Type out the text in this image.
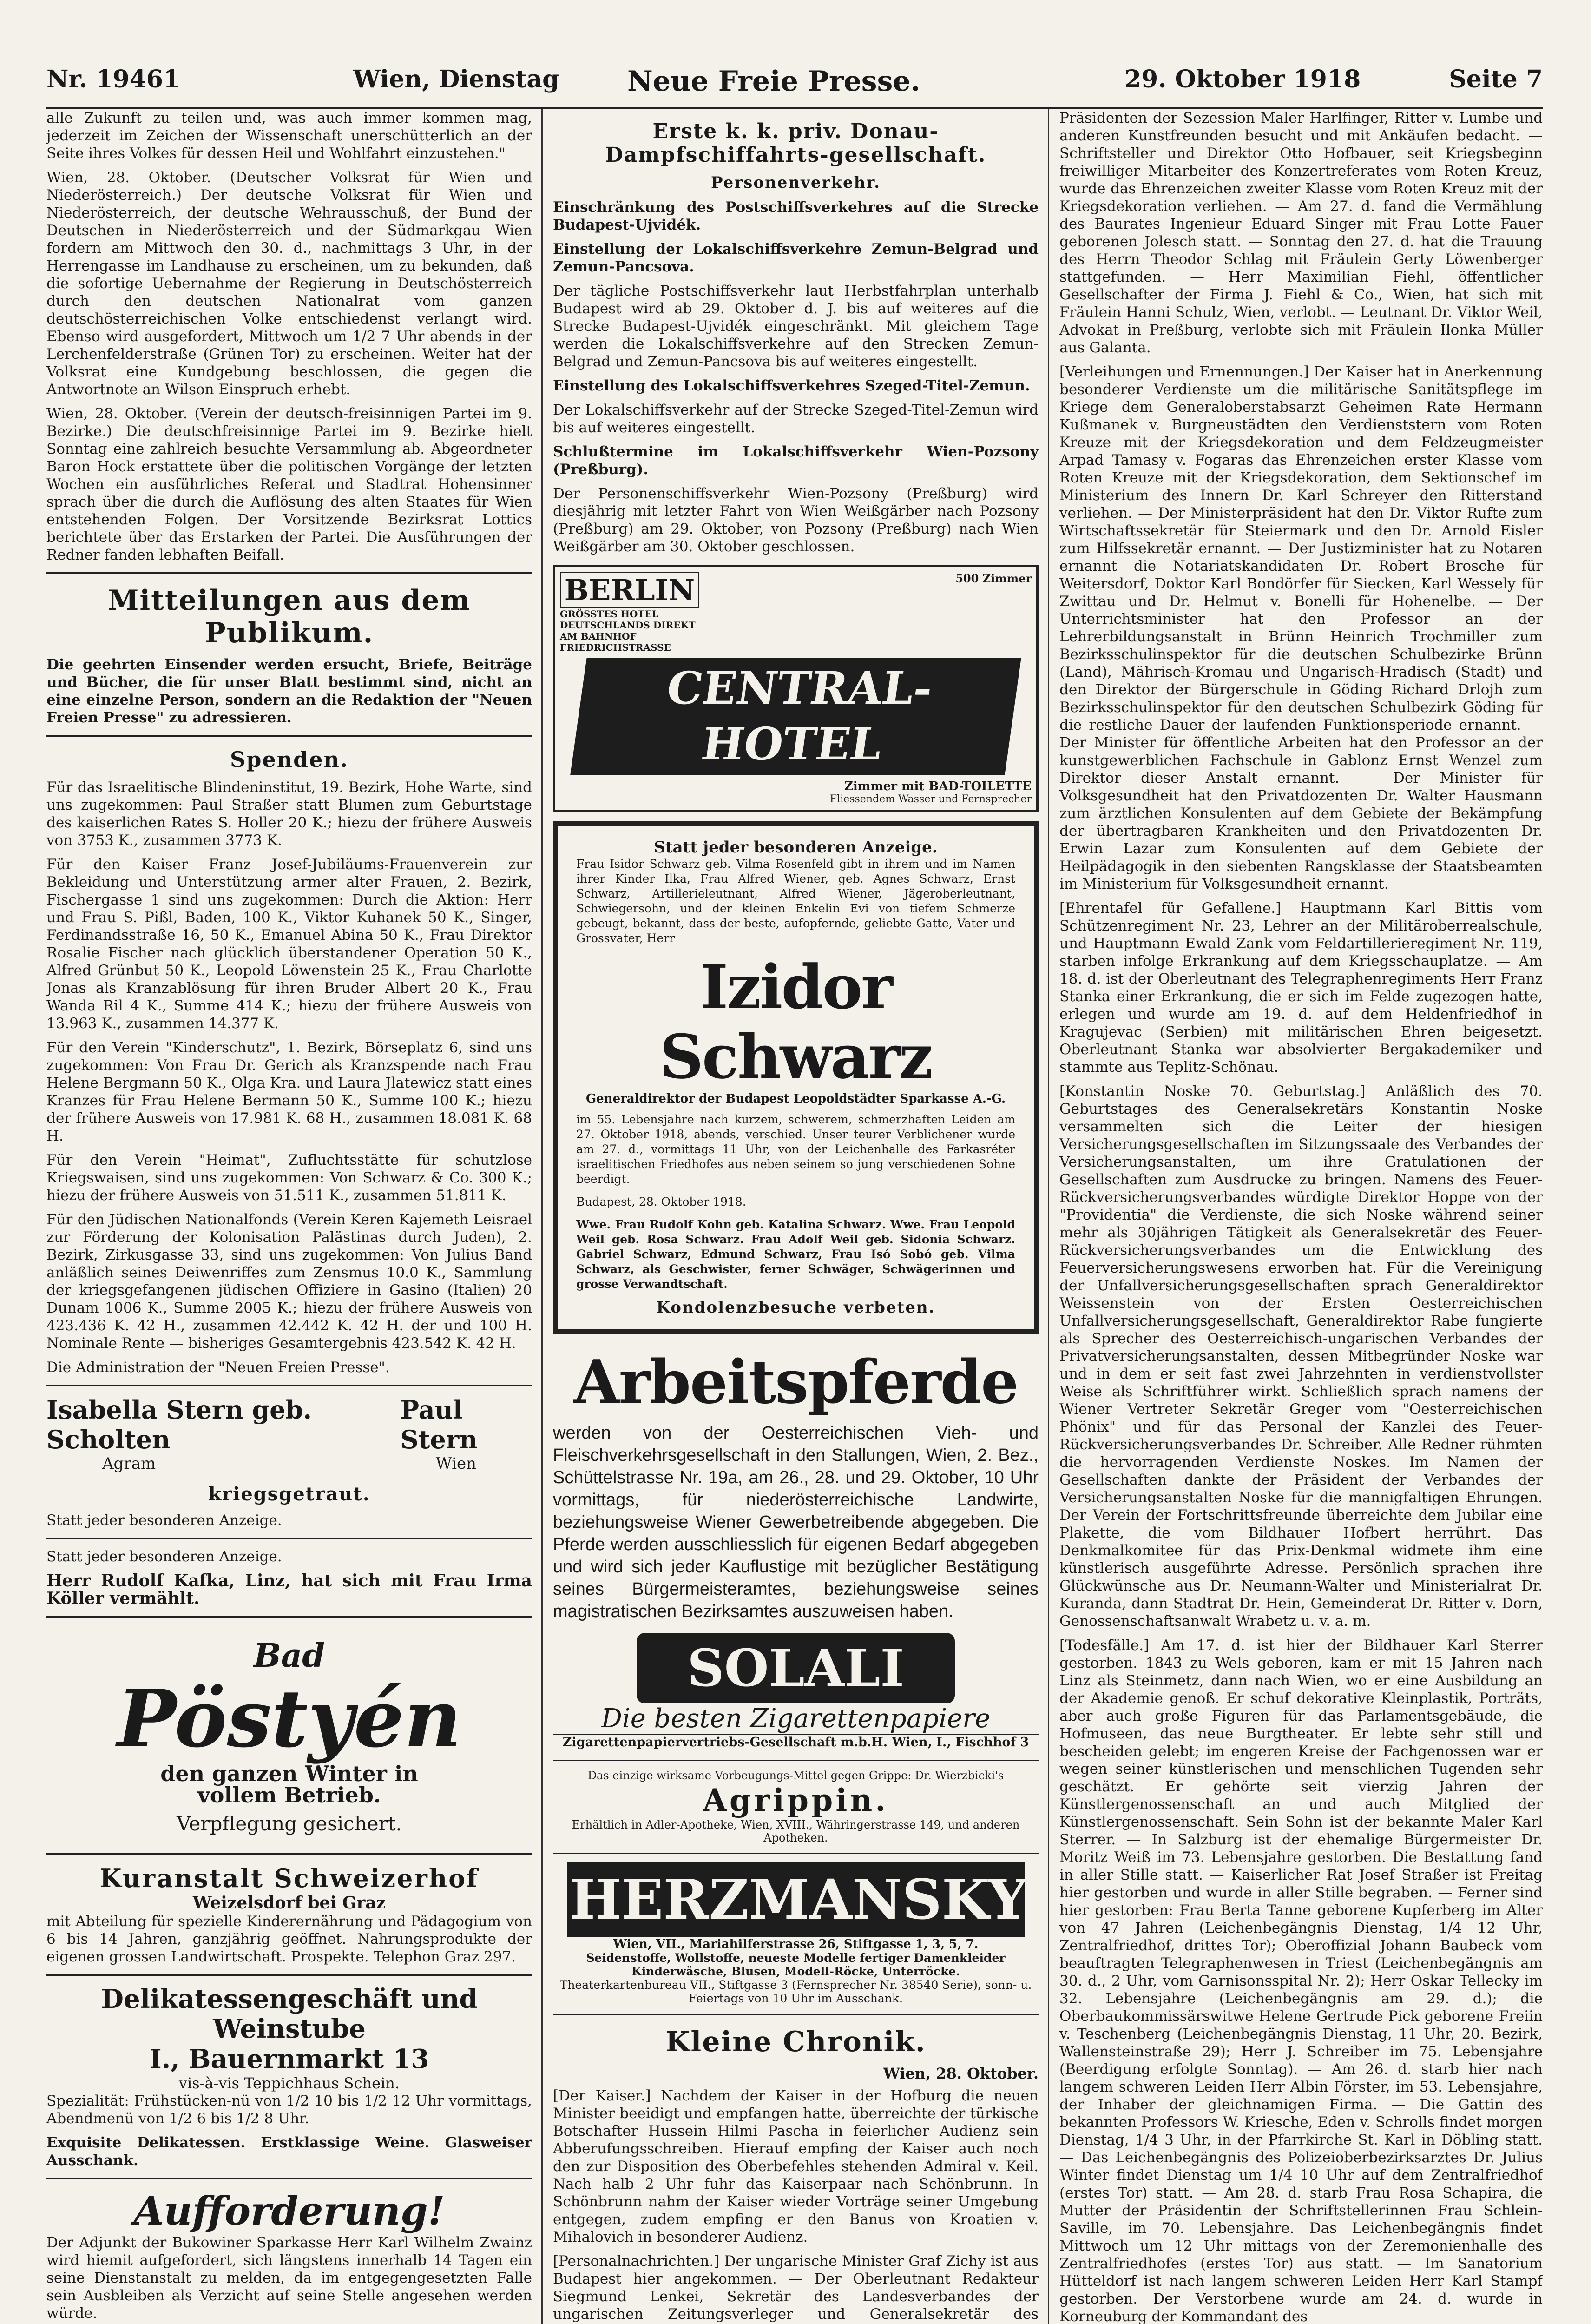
Nr. 19461	Wien, Dienstag Neue Freie Presse.	29. Oktober 1918	Seite 7

alle Zukunft zu teilen und, was auch immer kommen mag, jederzeit im Zeichen der Wissenschaft unerschütterlich an der Seite ihres Volkes für dessen Heil und Wohlfahrt einzustehen."

Wien, 28. Oktober. (Deutscher Volksrat für Wien und Niederösterreich.) Der deutsche Volksrat für Wien und Niederösterreich, der deutsche Wehrausschuß, der Bund der Deutschen in Niederösterreich und der Südmarkgau Wien fordern am Mittwoch den 30. d., nachmittags 3 Uhr, in der Herrengasse im Landhause zu erscheinen, um zu bekunden, daß die sofortige Uebernahme der Regierung in Deutschösterreich durch den deutschen Nationalrat vom ganzen deutschösterreichischen Volke entschiedenst verlangt wird. Ebenso wird ausgefordert, Mittwoch um 1/2 7 Uhr abends in der Lerchenfelderstraße (Grünen Tor) zu erscheinen. Weiter hat der Volksrat eine Kundgebung beschlossen, die gegen die Antwortnote an Wilson Einspruch erhebt.

Wien, 28. Oktober. (Verein der deutsch-freisinnigen Partei im 9. Bezirke.) Die deutschfreisinnige Partei im 9. Bezirke hielt Sonntag eine zahlreich besuchte Versammlung ab. Abgeordneter Baron Hock erstattete über die politischen Vorgänge der letzten Wochen ein ausführliches Referat und Stadtrat Hohensinner sprach über die durch die Auflösung des alten Staates für Wien entstehenden Folgen. Der Vorsitzende Bezirksrat Lottics berichtete über das Erstarken der Partei. Die Ausführungen der Redner fanden lebhaften Beifall.

Mitteilungen aus dem Publikum.

Die geehrten Einsender werden ersucht, Briefe, Beiträge und Bücher, die für unser Blatt bestimmt sind, nicht an eine einzelne Person, sondern an die Redaktion der "Neuen Freien Presse" zu adressieren.

Spenden.

Für das Israelitische Blindeninstitut, 19. Bezirk, Hohe Warte, sind uns zugekommen: Paul Straßer statt Blumen zum Geburtstage des kaiserlichen Rates S. Holler 20 K.; hiezu der frühere Ausweis von 3753 K., zusammen 3773 K.

Für den Kaiser Franz Josef-Jubiläums-Frauenverein zur Bekleidung und Unterstützung armer alter Frauen, 2. Bezirk, Fischergasse 1 sind uns zugekommen: Durch die Aktion: Herr und Frau S. Pißl, Baden, 100 K., Viktor Kuhanek 50 K., Singer, Ferdinandsstraße 16, 50 K., Emanuel Abina 50 K., Frau Direktor Rosalie Fischer nach glücklich überstandener Operation 50 K., Alfred Grünbut 50 K., Leopold Löwenstein 25 K., Frau Charlotte Jonas als Kranzablösung für ihren Bruder Albert 20 K., Frau Wanda Ril 4 K., Summe 414 K.; hiezu der frühere Ausweis von 13.963 K., zusammen 14.377 K.

Für den Verein "Kinderschutz", 1. Bezirk, Börseplatz 6, sind uns zugekommen: Von Frau Dr. Gerich als Kranzspende nach Frau Helene Bergmann 50 K., Olga Kra. und Laura Jlatewicz statt eines Kranzes für Frau Helene Bermann 50 K., Summe 100 K.; hiezu der frühere Ausweis von 17.981 K. 68 H., zusammen 18.081 K. 68 H.

Für den Verein "Heimat", Zufluchtsstätte für schutzlose Kriegswaisen, sind uns zugekommen: Von Schwarz & Co. 300 K.; hiezu der frühere Ausweis von 51.511 K., zusammen 51.811 K.

Für den Jüdischen Nationalfonds (Verein Keren Kajemeth Leisrael zur Förderung der Kolonisation Palästinas durch Juden), 2. Bezirk, Zirkusgasse 33, sind uns zugekommen: Von Julius Band anläßlich seines Deiwenriffes zum Zensmus 10.0 K., Sammlung der kriegsgefangenen jüdischen Offiziere in Gasino (Italien) 20 Dunam 1006 K., Summe 2005 K.; hiezu der frühere Ausweis von 423.436 K. 42 H., zusammen 42.442 K. 42 H. der und 100 H. Nominale Rente — bisheriges Gesamtergebnis 423.542 K. 42 H.

Die Administration der "Neuen Freien Presse".

Isabella Stern geb. Scholten
Paul Stern
Agram	Wien
kriegsgetraut.

Statt jeder besonderen Anzeige.

Statt jeder besonderen Anzeige.

Herr Rudolf Kafka, Linz, hat sich mit Frau Irma Köller vermählt.

Bad
Pöstyén
den ganzen Winter in
vollem Betrieb.
Verpflegung gesichert.
Kuranstalt Schweizerhof
Weizelsdorf bei Graz

mit Abteilung für spezielle Kinderernährung und Pädagogium von 6 bis 14 Jahren, ganzjährig geöffnet. Nahrungsprodukte der eigenen grossen Landwirtschaft. Prospekte. Telephon Graz 297.

Delikatessengeschäft und Weinstube
I., Bauernmarkt 13
vis-à-vis Teppichhaus Schein.

Spezialität: Frühstücken-nü von 1/2 10 bis 1/2 12 Uhr vormittags, Abendmenü von 1/2 6 bis 1/2 8 Uhr.

Exquisite Delikatessen. Erstklassige Weine. Glasweiser Ausschank.

Aufforderung!

Der Adjunkt der Bukowiner Sparkasse Herr Karl Wilhelm Zwainz wird hiemit aufgefordert, sich längstens innerhalb 14 Tagen ein seine Dienstanstalt zu melden, da im entgegengesetzten Falle sein Ausbleiben als Verzicht auf seine Stelle angesehen werden würde.

Erste k. k. priv. Donau-Dampfschiffahrts-gesellschaft.
Personenverkehr.

Einschränkung des Postschiffsverkehres auf die Strecke Budapest-Ujvidék.

Einstellung der Lokalschiffsverkehre Zemun-Belgrad und Zemun-Pancsova.

Der tägliche Postschiffsverkehr laut Herbstfahrplan unterhalb Budapest wird ab 29. Oktober d. J. bis auf weiteres auf die Strecke Budapest-Ujvidék eingeschränkt. Mit gleichem Tage werden die Lokalschiffsverkehre auf den Strecken Zemun-Belgrad und Zemun-Pancsova bis auf weiteres eingestellt.

Einstellung des Lokalschiffsverkehres Szeged-Titel-Zemun.

Der Lokalschiffsverkehr auf der Strecke Szeged-Titel-Zemun wird bis auf weiteres eingestellt.

Schlußtermine im Lokalschiffsverkehr Wien-Pozsony (Preßburg).

Der Personenschiffsverkehr Wien-Pozsony (Preßburg) wird diesjährig mit letzter Fahrt von Wien Weißgärber nach Pozsony (Preßburg) am 29. Oktober, von Pozsony (Preßburg) nach Wien Weißgärber am 30. Oktober geschlossen.

BERLIN
GRÖSSTES HOTEL DEUTSCHLANDS DIREKT AM BAHNHOF FRIEDRICHSTRASSE
500 Zimmer
CENTRAL-HOTEL
Zimmer mit BAD-TOILETTE
Fliessendem Wasser und Fernsprecher
Statt jeder besonderen Anzeige.

Frau Isidor Schwarz geb. Vilma Rosenfeld gibt in ihrem und im Namen ihrer Kinder Ilka, Frau Alfred Wiener, geb. Agnes Schwarz, Ernst Schwarz, Artillerieleutnant, Alfred Wiener, Jägeroberleutnant, Schwiegersohn, und der kleinen Enkelin Evi von tiefem Schmerze gebeugt, bekannt, dass der beste, aufopfernde, geliebte Gatte, Vater und Grossvater, Herr

Izidor Schwarz
Generaldirektor der Budapest Leopoldstädter Sparkasse A.-G.

im 55. Lebensjahre nach kurzem, schwerem, schmerzhaften Leiden am 27. Oktober 1918, abends, verschied. Unser teurer Verblichener wurde am 27. d., vormittags 11 Uhr, von der Leichenhalle des Farkasréter israelitischen Friedhofes aus neben seinem so jung verschiedenen Sohne beerdigt.

Budapest, 28. Oktober 1918.

Wwe. Frau Rudolf Kohn geb. Katalina Schwarz. Wwe. Frau Leopold Weil geb. Rosa Schwarz. Frau Adolf Weil geb. Sidonia Schwarz. Gabriel Schwarz, Edmund Schwarz, Frau Isó Sobó geb. Vilma Schwarz, als Geschwister, ferner Schwäger, Schwägerinnen und grosse Verwandtschaft.

Kondolenzbesuche verbeten.
Arbeitspferde

werden von der Oesterreichischen Vieh- und Fleischverkehrsgesellschaft in den Stallungen, Wien, 2. Bez., Schüttelstrasse Nr. 19a, am 26., 28. und 29. Oktober, 10 Uhr vormittags, für niederösterreichische Landwirte, beziehungsweise Wiener Gewerbetreibende abgegeben. Die Pferde werden ausschliesslich für eigenen Bedarf abgegeben und wird sich jeder Kauflustige mit bezüglicher Bestätigung seines Bürgermeisteramtes, beziehungsweise seines magistratischen Bezirksamtes auszuweisen haben.

SOLALI
Die besten Zigarettenpapiere
Zigarettenpapiervertriebs-Gesellschaft m.b.H. Wien, I., Fischhof 3
Das einzige wirksame Vorbeugungs-Mittel gegen Grippe: Dr. Wierzbicki's
Agrippin.
Erhältlich in Adler-Apotheke, Wien, XVIII., Währingerstrasse 149, und anderen Apotheken.
HERZMANSKY
Wien, VII., Mariahilferstrasse 26, Stiftgasse 1, 3, 5, 7.
Seidenstoffe, Wollstoffe, neueste Modelle fertiger Damenkleider Kinderwäsche, Blusen, Modell-Röcke, Unterröcke.
Theaterkartenbureau VII., Stiftgasse 3 (Fernsprecher Nr. 38540 Serie), sonn- u. Feiertags von 10 Uhr im Ausschank.
Kleine Chronik.
Wien, 28. Oktober.

[Der Kaiser.] Nachdem der Kaiser in der Hofburg die neuen Minister beeidigt und empfangen hatte, überreichte der türkische Botschafter Hussein Hilmi Pascha in feierlicher Audienz sein Abberufungsschreiben. Hierauf empfing der Kaiser auch noch den zur Disposition des Oberbefehles stehenden Admiral v. Keil. Nach halb 2 Uhr fuhr das Kaiserpaar nach Schönbrunn. In Schönbrunn nahm der Kaiser wieder Vorträge seiner Umgebung entgegen, zudem empfing er den Banus von Kroatien v. Mihalovich in besonderer Audienz.

[Personalnachrichten.] Der ungarische Minister Graf Zichy ist aus Budapest hier angekommen. — Der Oberleutnant Redakteur Siegmund Lenkei, Sekretär des Landesverbandes der ungarischen Zeitungsverleger und Generalsekretär des

Präsidenten der Sezession Maler Harlfinger, Ritter v. Lumbe und anderen Kunstfreunden besucht und mit Ankäufen bedacht. — Schriftsteller und Direktor Otto Hofbauer, seit Kriegsbeginn freiwilliger Mitarbeiter des Konzertreferates vom Roten Kreuz, wurde das Ehrenzeichen zweiter Klasse vom Roten Kreuz mit der Kriegsdekoration verliehen. — Am 27. d. fand die Vermählung des Baurates Ingenieur Eduard Singer mit Frau Lotte Fauer geborenen Jolesch statt. — Sonntag den 27. d. hat die Trauung des Herrn Theodor Schlag mit Fräulein Gerty Löwenberger stattgefunden. — Herr Maximilian Fiehl, öffentlicher Gesellschafter der Firma J. Fiehl & Co., Wien, hat sich mit Fräulein Hanni Schulz, Wien, verlobt. — Leutnant Dr. Viktor Weil, Advokat in Preßburg, verlobte sich mit Fräulein Ilonka Müller aus Galanta.

[Verleihungen und Ernennungen.] Der Kaiser hat in Anerkennung besonderer Verdienste um die militärische Sanitätspflege im Kriege dem Generaloberstabsarzt Geheimen Rate Hermann Kußmanek v. Burgneustädten den Verdienststern vom Roten Kreuze mit der Kriegsdekoration und dem Feldzeugmeister Arpad Tamasy v. Fogaras das Ehrenzeichen erster Klasse vom Roten Kreuze mit der Kriegsdekoration, dem Sektionschef im Ministerium des Innern Dr. Karl Schreyer den Ritterstand verliehen. — Der Ministerpräsident hat den Dr. Viktor Rufte zum Wirtschaftssekretär für Steiermark und den Dr. Arnold Eisler zum Hilfssekretär ernannt. — Der Justizminister hat zu Notaren ernannt die Notariatskandidaten Dr. Robert Brosche für Weitersdorf, Doktor Karl Bondörfer für Siecken, Karl Wessely für Zwittau und Dr. Helmut v. Bonelli für Hohenelbe. — Der Unterrichtsminister hat den Professor an der Lehrerbildungsanstalt in Brünn Heinrich Trochmiller zum Bezirksschulinspektor für die deutschen Schulbezirke Brünn (Land), Mährisch-Kromau und Ungarisch-Hradisch (Stadt) und den Direktor der Bürgerschule in Göding Richard Drlojh zum Bezirksschulinspektor für den deutschen Schulbezirk Göding für die restliche Dauer der laufenden Funktionsperiode ernannt. — Der Minister für öffentliche Arbeiten hat den Professor an der kunstgewerblichen Fachschule in Gablonz Ernst Wenzel zum Direktor dieser Anstalt ernannt. — Der Minister für Volksgesundheit hat den Privatdozenten Dr. Walter Hausmann zum ärztlichen Konsulenten auf dem Gebiete der Bekämpfung der übertragbaren Krankheiten und den Privatdozenten Dr. Erwin Lazar zum Konsulenten auf dem Gebiete der Heilpädagogik in den siebenten Rangsklasse der Staatsbeamten im Ministerium für Volksgesundheit ernannt.

[Ehrentafel für Gefallene.] Hauptmann Karl Bittis vom Schützenregiment Nr. 23, Lehrer an der Militäroberrealschule, und Hauptmann Ewald Zank vom Feldartillerieregiment Nr. 119, starben infolge Erkrankung auf dem Kriegsschauplatze. — Am 18. d. ist der Oberleutnant des Telegraphenregiments Herr Franz Stanka einer Erkrankung, die er sich im Felde zugezogen hatte, erlegen und wurde am 19. d. auf dem Heldenfriedhof in Kragujevac (Serbien) mit militärischen Ehren beigesetzt. Oberleutnant Stanka war absolvierter Bergakademiker und stammte aus Teplitz-Schönau.

[Konstantin Noske 70. Geburtstag.] Anläßlich des 70. Geburtstages des Generalsekretärs Konstantin Noske versammelten sich die Leiter der hiesigen Versicherungsgesellschaften im Sitzungssaale des Verbandes der Versicherungsanstalten, um ihre Gratulationen der Gesellschaften zum Ausdrucke zu bringen. Namens des Feuer-Rückversicherungsverbandes würdigte Direktor Hoppe von der "Providentia" die Verdienste, die sich Noske während seiner mehr als 30jährigen Tätigkeit als Generalsekretär des Feuer-Rückversicherungsverbandes um die Entwicklung des Feuerversicherungswesens erworben hat. Für die Vereinigung der Unfallversicherungsgesellschaften sprach Generaldirektor Weissenstein von der Ersten Oesterreichischen Unfallversicherungsgesellschaft, Generaldirektor Rabe fungierte als Sprecher des Oesterreichisch-ungarischen Verbandes der Privatversicherungsanstalten, dessen Mitbegründer Noske war und in dem er seit fast zwei Jahrzehnten in verdienstvollster Weise als Schriftführer wirkt. Schließlich sprach namens der Wiener Vertreter Sekretär Greger vom "Oesterreichischen Phönix" und für das Personal der Kanzlei des Feuer-Rückversicherungsverbandes Dr. Schreiber. Alle Redner rühmten die hervorragenden Verdienste Noskes. Im Namen der Gesellschaften dankte der Präsident der Verbandes der Versicherungsanstalten Noske für die mannigfaltigen Ehrungen. Der Verein der Fortschrittsfreunde überreichte dem Jubilar eine Plakette, die vom Bildhauer Hofbert herrührt. Das Denkmalkomitee für das Prix-Denkmal widmete ihm eine künstlerisch ausgeführte Adresse. Persönlich sprachen ihre Glückwünsche aus Dr. Neumann-Walter und Ministerialrat Dr. Kuranda, dann Stadtrat Dr. Hein, Gemeinderat Dr. Ritter v. Dorn, Genossenschaftsanwalt Wrabetz u. v. a. m.

[Todesfälle.] Am 17. d. ist hier der Bildhauer Karl Sterrer gestorben. 1843 zu Wels geboren, kam er mit 15 Jahren nach Linz als Steinmetz, dann nach Wien, wo er eine Ausbildung an der Akademie genoß. Er schuf dekorative Kleinplastik, Porträts, aber auch große Figuren für das Parlamentsgebäude, die Hofmuseen, das neue Burgtheater. Er lebte sehr still und bescheiden gelebt; im engeren Kreise der Fachgenossen war er wegen seiner künstlerischen und menschlichen Tugenden sehr geschätzt. Er gehörte seit vierzig Jahren der Künstlergenossenschaft an und auch Mitglied der Künstlergenossenschaft. Sein Sohn ist der bekannte Maler Karl Sterrer. — In Salzburg ist der ehemalige Bürgermeister Dr. Moritz Weiß im 73. Lebensjahre gestorben. Die Bestattung fand in aller Stille statt. — Kaiserlicher Rat Josef Straßer ist Freitag hier gestorben und wurde in aller Stille begraben. — Ferner sind hier gestorben: Frau Berta Tanne geborene Kupferberg im Alter von 47 Jahren (Leichenbegängnis Dienstag, 1/4 12 Uhr, Zentralfriedhof, drittes Tor); Oberoffizial Johann Baubeck vom beauftragten Telegraphenwesen in Triest (Leichenbegängnis am 30. d., 2 Uhr, vom Garnisonsspital Nr. 2); Herr Oskar Tellecky im 32. Lebensjahre (Leichenbegängnis am 29. d.); die Oberbaukommissärswitwe Helene Gertrude Pick geborene Freiin v. Teschenberg (Leichenbegängnis Dienstag, 11 Uhr, 20. Bezirk, Wallensteinstraße 29); Herr J. Schreiber im 75. Lebensjahre (Beerdigung erfolgte Sonntag). — Am 26. d. starb hier nach langem schweren Leiden Herr Albin Förster, im 53. Lebensjahre, der Inhaber der gleichnamigen Firma. — Die Gattin des bekannten Professors W. Kriesche, Eden v. Schrolls findet morgen Dienstag, 1/4 3 Uhr, in der Pfarrkirche St. Karl in Döbling statt. — Das Leichenbegängnis des Polizeioberbezirksarztes Dr. Julius Winter findet Dienstag um 1/4 10 Uhr auf dem Zentralfriedhof (erstes Tor) statt. — Am 28. d. starb Frau Rosa Schapira, die Mutter der Präsidentin der Schriftstellerinnen Frau Schlein-Saville, im 70. Lebensjahre. Das Leichenbegängnis findet Mittwoch um 12 Uhr mittags von der Zeremonienhalle des Zentralfriedhofes (erstes Tor) aus statt. — Im Sanatorium Hütteldorf ist nach langem schweren Leiden Herr Karl Stampf gestorben. Der Verstorbene wurde am 24. d. wurde in Korneuburg der Kommandant des
